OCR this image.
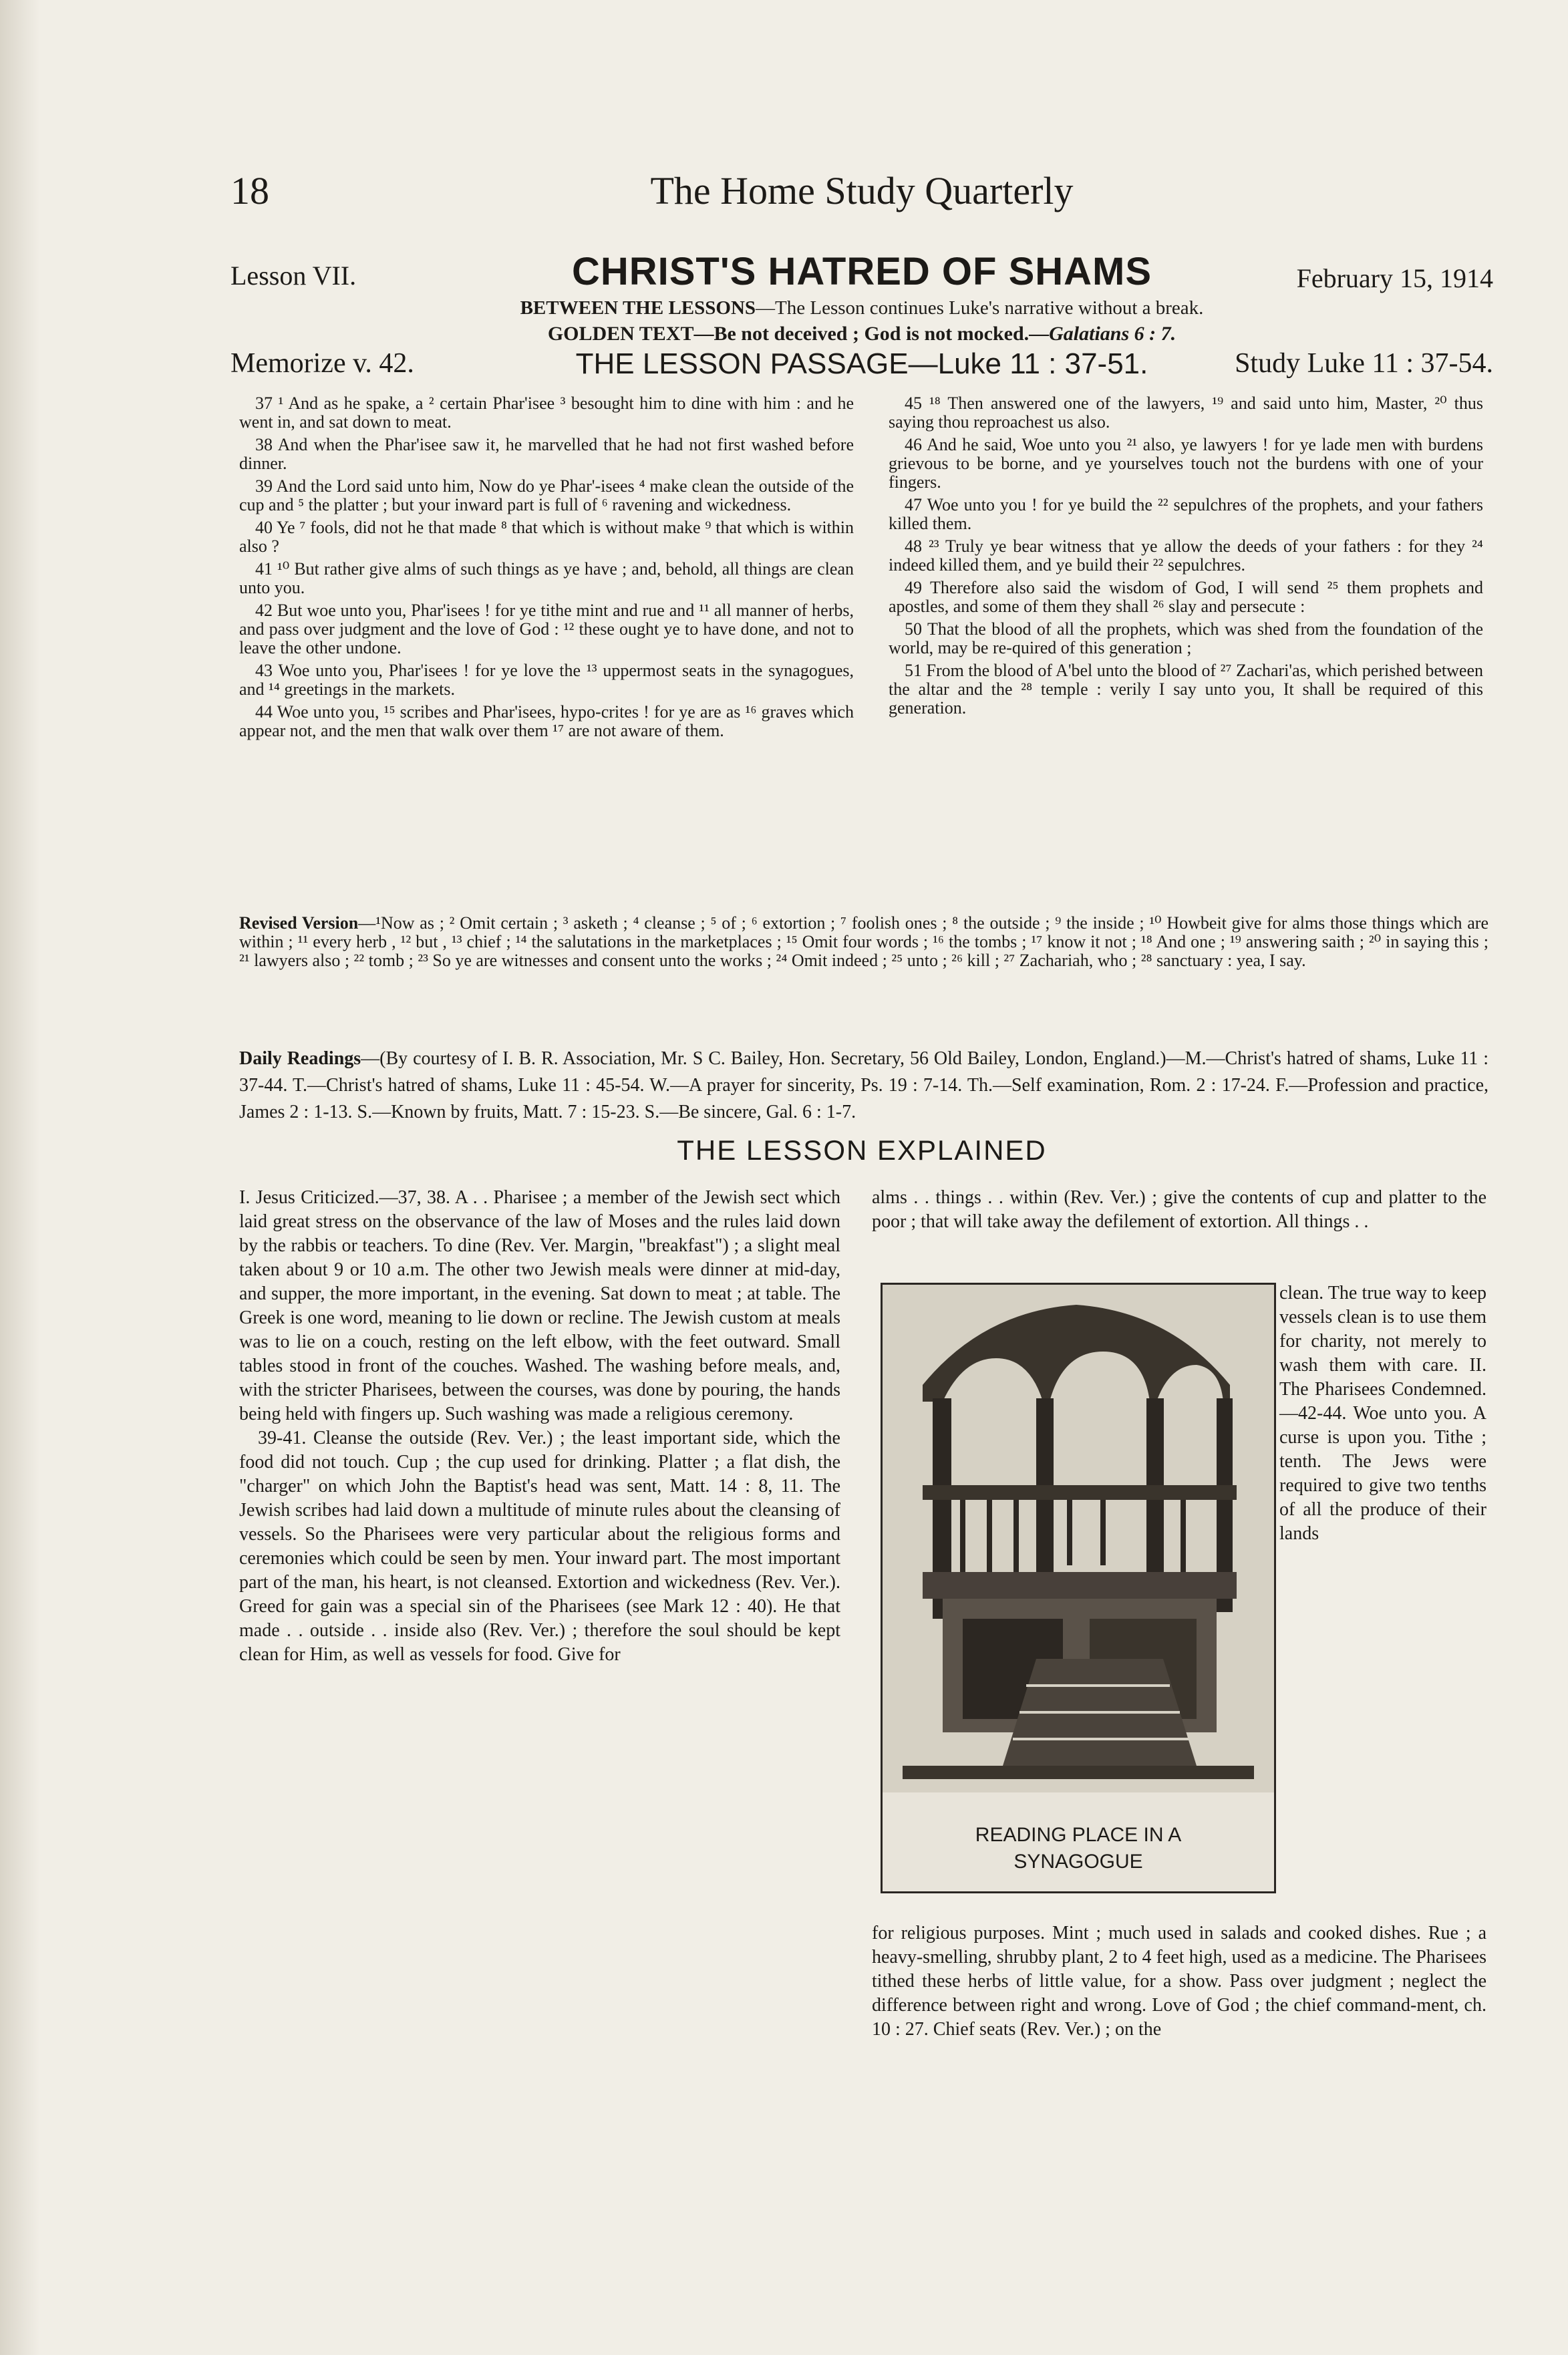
18	The Home Study Quarterly
Lesson VII.	CHRIST'S HATRED OF SHAMS	February 15, 1914
BETWEEN THE LESSONS—The Lesson continues Luke's narrative without a break.
GOLDEN TEXT—Be not deceived ; God is not mocked.—Galatians 6 : 7.
Memorize v. 42.	THE LESSON PASSAGE—Luke 11 : 37-51.	Study Luke 11 : 37-54.

37 ¹ And as he spake, a ² certain Phar'isee ³ besought him to dine with him : and he went in, and sat down to meat.

38 And when the Phar'isee saw it, he marvelled that he had not first washed before dinner.

39 And the Lord said unto him, Now do ye Phar'-isees ⁴ make clean the outside of the cup and ⁵ the platter ; but your inward part is full of ⁶ ravening and wickedness.

40 Ye ⁷ fools, did not he that made ⁸ that which is without make ⁹ that which is within also ?

41 ¹⁰ But rather give alms of such things as ye have ; and, behold, all things are clean unto you.

42 But woe unto you, Phar'isees ! for ye tithe mint and rue and ¹¹ all manner of herbs, and pass over judgment and the love of God : ¹² these ought ye to have done, and not to leave the other undone.

43 Woe unto you, Phar'isees ! for ye love the ¹³ uppermost seats in the synagogues, and ¹⁴ greetings in the markets.

44 Woe unto you, ¹⁵ scribes and Phar'isees, hypo-crites ! for ye are as ¹⁶ graves which appear not, and the men that walk over them ¹⁷ are not aware of them.

45 ¹⁸ Then answered one of the lawyers, ¹⁹ and said unto him, Master, ²⁰ thus saying thou reproachest us also.

46 And he said, Woe unto you ²¹ also, ye lawyers ! for ye lade men with burdens grievous to be borne, and ye yourselves touch not the burdens with one of your fingers.

47 Woe unto you ! for ye build the ²² sepulchres of the prophets, and your fathers killed them.

48 ²³ Truly ye bear witness that ye allow the deeds of your fathers : for they ²⁴ indeed killed them, and ye build their ²² sepulchres.

49 Therefore also said the wisdom of God, I will send ²⁵ them prophets and apostles, and some of them they shall ²⁶ slay and persecute :

50 That the blood of all the prophets, which was shed from the foundation of the world, may be re-quired of this generation ;

51 From the blood of A'bel unto the blood of ²⁷ Zachari'as, which perished between the altar and the ²⁸ temple : verily I say unto you, It shall be required of this generation.

Revised Version—¹Now as ; ² Omit certain ; ³ asketh ; ⁴ cleanse ; ⁵ of ; ⁶ extortion ; ⁷ foolish ones ; ⁸ the outside ; ⁹ the inside ; ¹⁰ Howbeit give for alms those things which are within ; ¹¹ every herb , ¹² but , ¹³ chief ; ¹⁴ the salutations in the marketplaces ; ¹⁵ Omit four words ; ¹⁶ the tombs ; ¹⁷ know it not ; ¹⁸ And one ; ¹⁹ answering saith ; ²⁰ in saying this ; ²¹ lawyers also ; ²² tomb ; ²³ So ye are witnesses and consent unto the works ; ²⁴ Omit indeed ; ²⁵ unto ; ²⁶ kill ; ²⁷ Zachariah, who ; ²⁸ sanctuary : yea, I say.
Daily Readings—(By courtesy of I. B. R. Association, Mr. S C. Bailey, Hon. Secretary, 56 Old Bailey, London, England.)—M.—Christ's hatred of shams, Luke 11 : 37-44. T.—Christ's hatred of shams, Luke 11 : 45-54. W.—A prayer for sincerity, Ps. 19 : 7-14. Th.—Self examination, Rom. 2 : 17-24. F.—Profession and practice, James 2 : 1-13. S.—Known by fruits, Matt. 7 : 15-23. S.—Be sincere, Gal. 6 : 1-7.
THE LESSON EXPLAINED

I. Jesus Criticized.—37, 38. A . . Pharisee ; a member of the Jewish sect which laid great stress on the observance of the law of Moses and the rules laid down by the rabbis or teachers. To dine (Rev. Ver. Margin, "breakfast") ; a slight meal taken about 9 or 10 a.m. The other two Jewish meals were dinner at mid-day, and supper, the more important, in the evening. Sat down to meat ; at table. The Greek is one word, meaning to lie down or recline. The Jewish custom at meals was to lie on a couch, resting on the left elbow, with the feet outward. Small tables stood in front of the couches. Washed. The washing before meals, and, with the stricter Pharisees, between the courses, was done by pouring, the hands being held with fingers up. Such washing was made a religious ceremony.

39-41. Cleanse the outside (Rev. Ver.) ; the least important side, which the food did not touch. Cup ; the cup used for drinking. Platter ; a flat dish, the "charger" on which John the Baptist's head was sent, Matt. 14 : 8, 11. The Jewish scribes had laid down a multitude of minute rules about the cleansing of vessels. So the Pharisees were very particular about the religious forms and ceremonies which could be seen by men. Your inward part. The most important part of the man, his heart, is not cleansed. Extortion and wickedness (Rev. Ver.). Greed for gain was a special sin of the Pharisees (see Mark 12 : 40). He that made . . outside . . inside also (Rev. Ver.) ; therefore the soul should be kept clean for Him, as well as vessels for food. Give for

alms . . things . . within (Rev. Ver.) ; give the contents of cup and platter to the poor ; that will take away the defilement of extortion. All things . .
READING PLACE IN A
SYNAGOGUE
clean. The true way to keep vessels clean is to use them for charity, not merely to wash them with care. II. The Pharisees Condemned. —42-44. Woe unto you. A curse is upon you. Tithe ; tenth. The Jews were required to give two tenths of all the produce of their lands
for religious purposes. Mint ; much used in salads and cooked dishes. Rue ; a heavy-smelling, shrubby plant, 2 to 4 feet high, used as a medicine. The Pharisees tithed these herbs of little value, for a show. Pass over judgment ; neglect the difference between right and wrong. Love of God ; the chief command-ment, ch. 10 : 27. Chief seats (Rev. Ver.) ; on the
